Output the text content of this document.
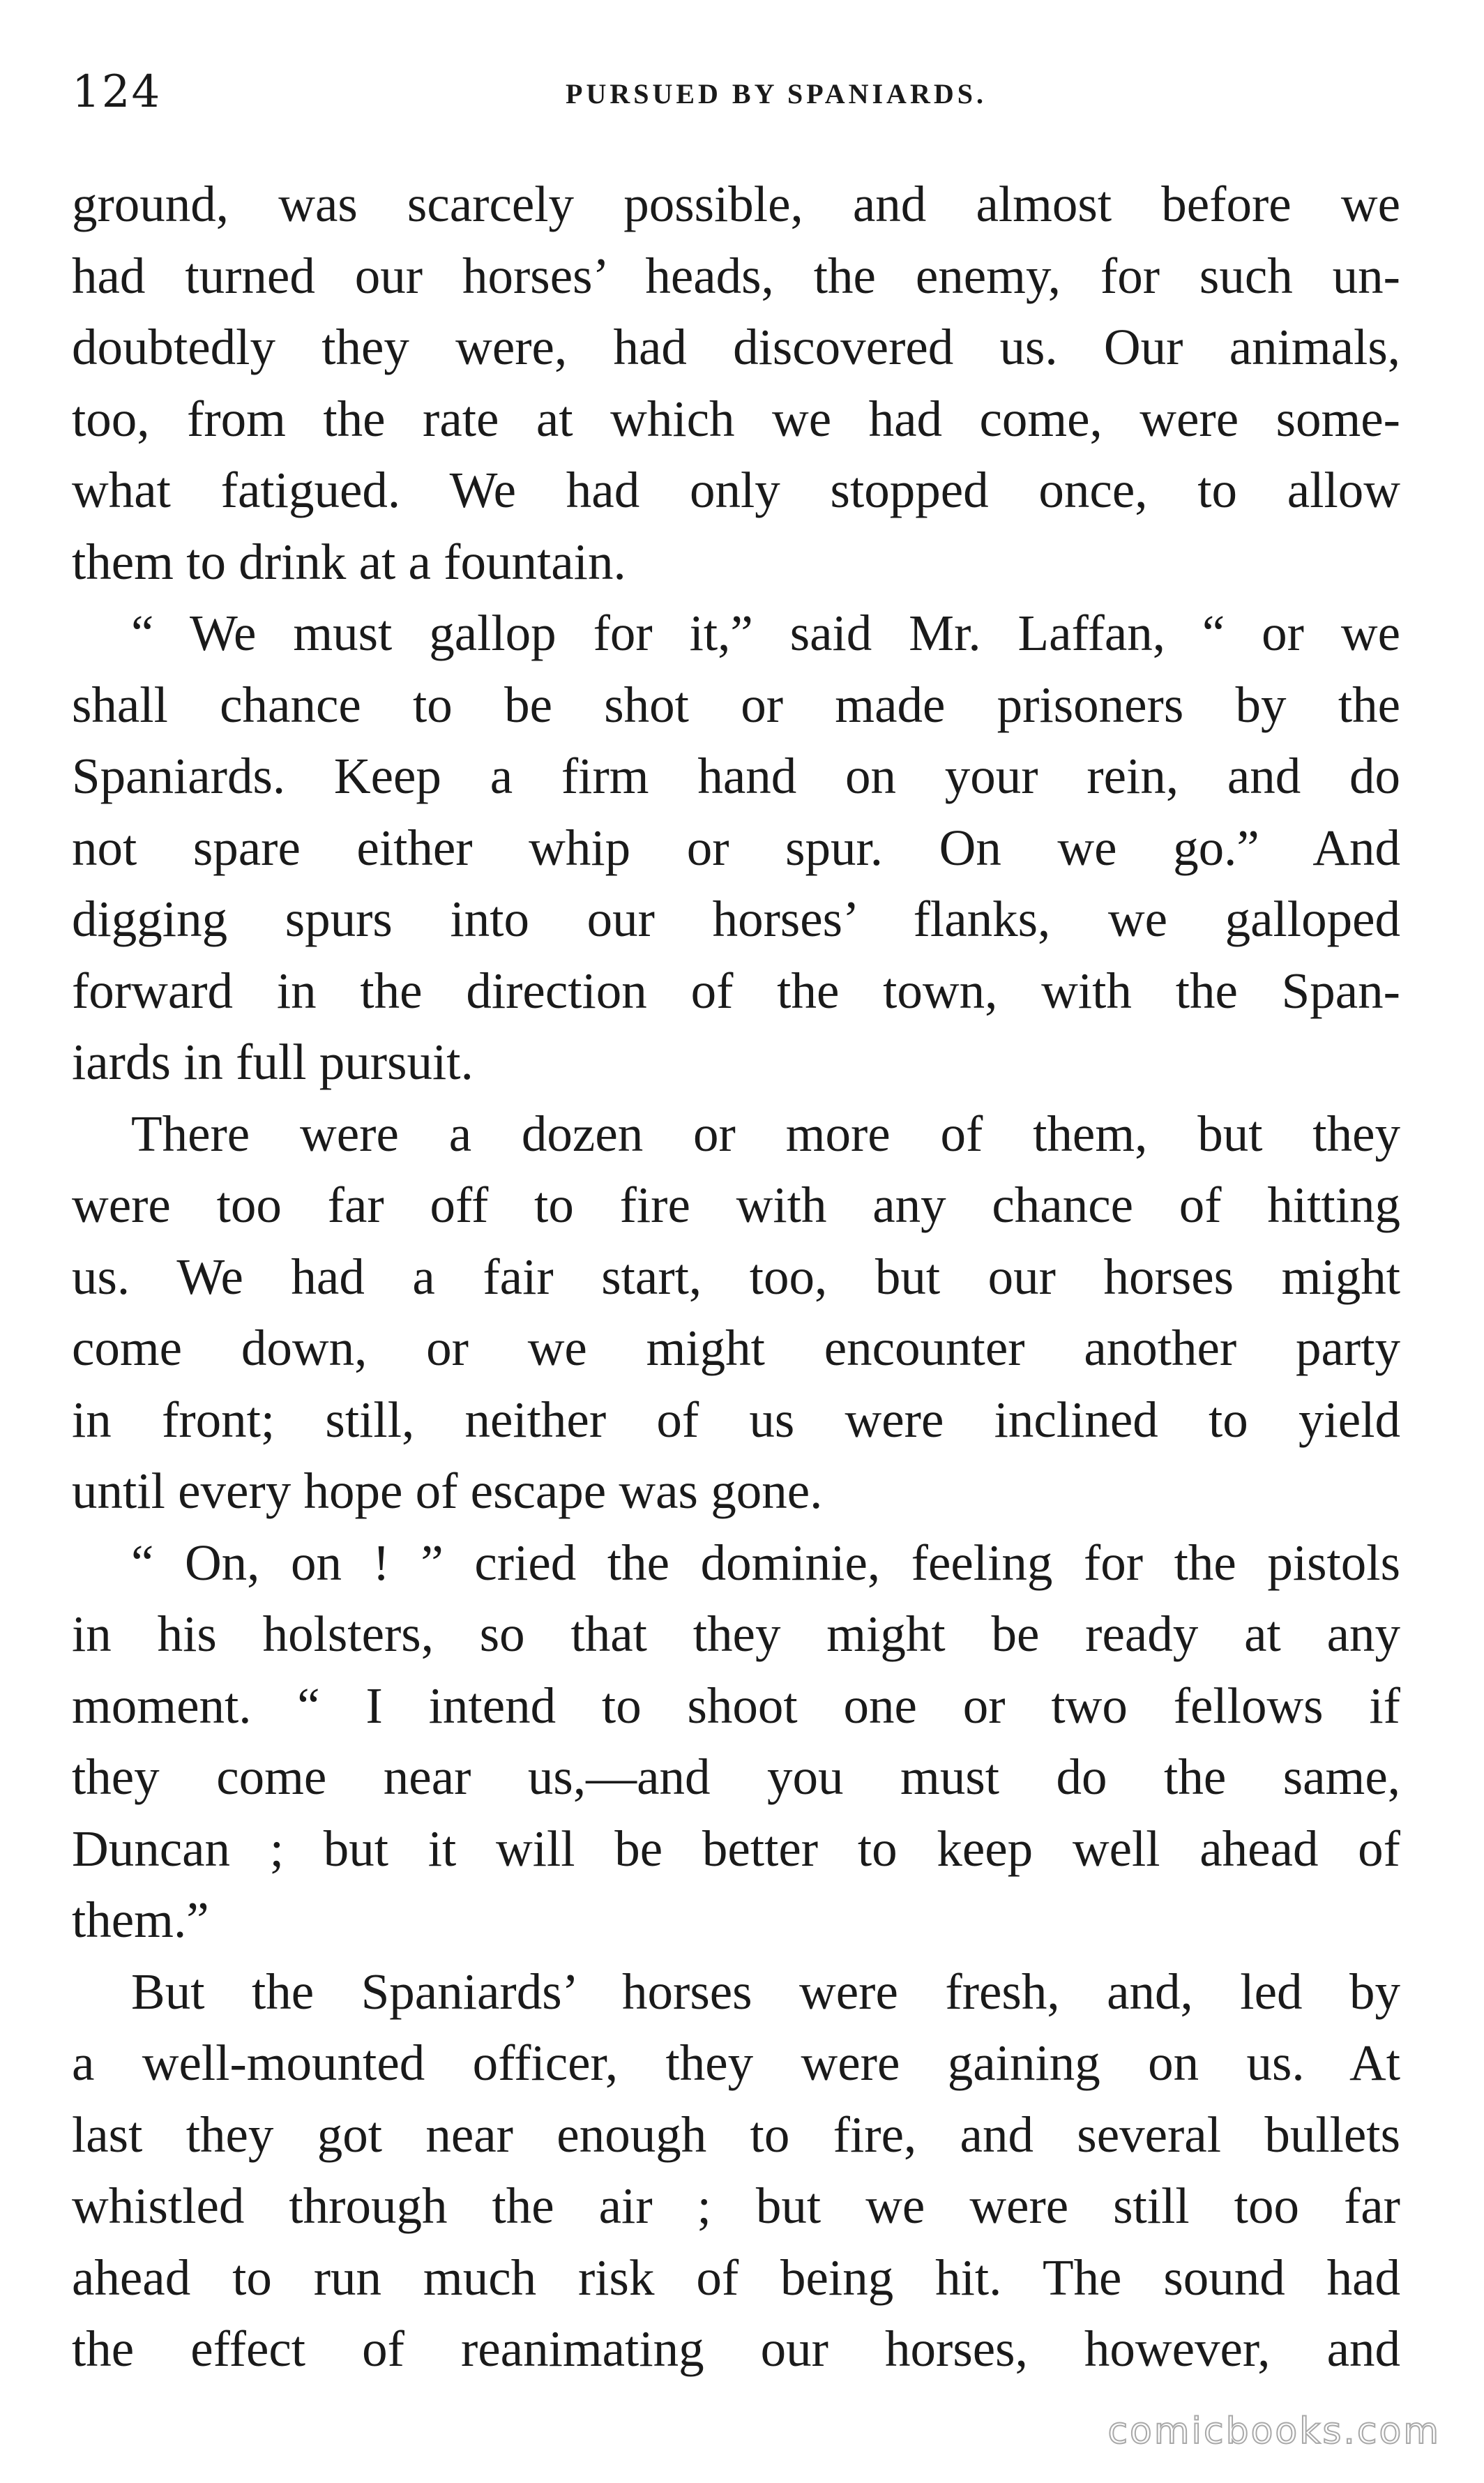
124	PURSUED BY SPANIARDS.

ground, was scarcely possible, and almost before we
had turned our horses’ heads, the enemy, for such un-
doubtedly they were, had discovered us. Our animals,
too, from the rate at which we had come, were some-
what fatigued. We had only stopped once, to allow
them to drink at a fountain.

“ We must gallop for it,” said Mr. Laffan, “ or we
shall chance to be shot or made prisoners by the
Spaniards. Keep a firm hand on your rein, and do
not spare either whip or spur. On we go.” And
digging spurs into our horses’ flanks, we galloped
forward in the direction of the town, with the Span-
iards in full pursuit.

There were a dozen or more of them, but they
were too far off to fire with any chance of hitting
us. We had a fair start, too, but our horses might
come down, or we might encounter another party
in front; still, neither of us were inclined to yield
until every hope of escape was gone.

“ On, on ! ” cried the dominie, feeling for the pistols
in his holsters, so that they might be ready at any
moment. “ I intend to shoot one or two fellows if
they come near us,—and you must do the same,
Duncan ; but it will be better to keep well ahead of
them.”

But the Spaniards’ horses were fresh, and, led by
a well-mounted officer, they were gaining on us. At
last they got near enough to fire, and several bullets
whistled through the air ; but we were still too far
ahead to run much risk of being hit. The sound had
the effect of reanimating our horses, however, and

comicbooks.com
